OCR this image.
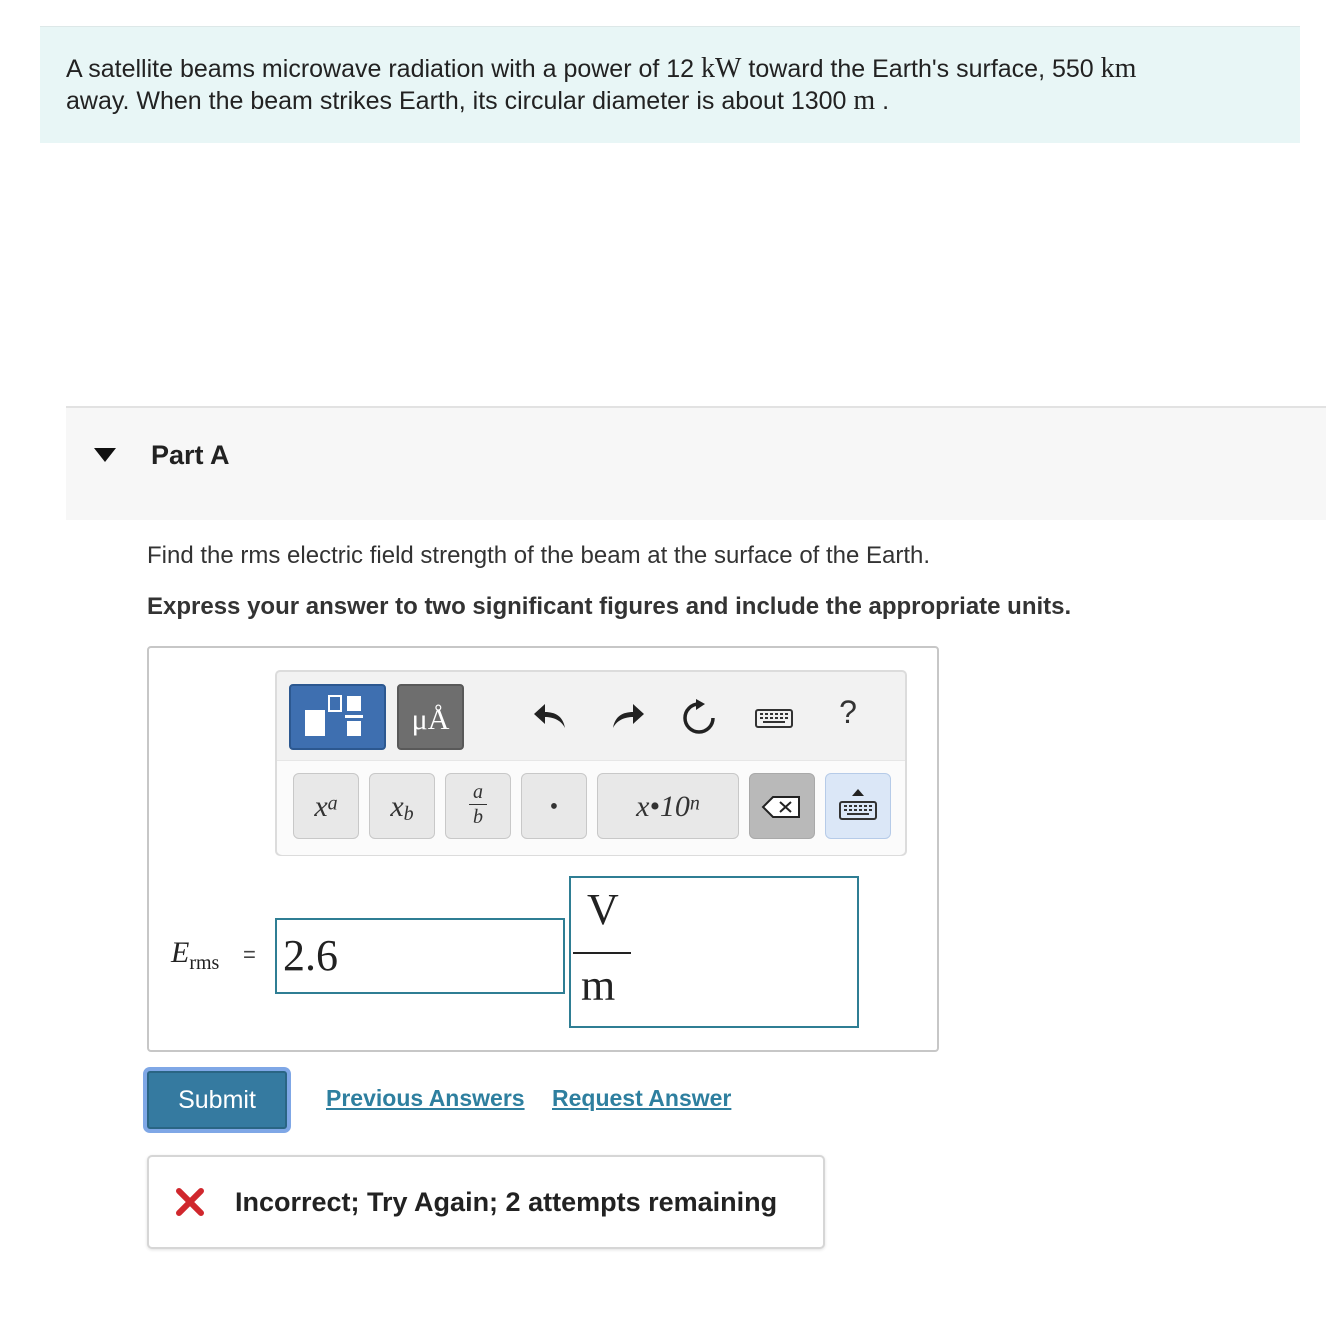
A satellite beams microwave radiation with a power of 12 kW toward the Earth's surface, 550 km
away. When the beam strikes Earth, its circular diameter is about 1300 m .
Part A
Find the rms electric field strength of the beam at the surface of the Earth.
Express your answer to two significant figures and include the appropriate units.
μÅ	?
$x^a$	$x_b$
a
b	•	x•10$^n$
$E_{rms} = 2.6$
V
m
Submit	Previous Answers Request Answer
Incorrect; Try Again; 2 attempts remaining
